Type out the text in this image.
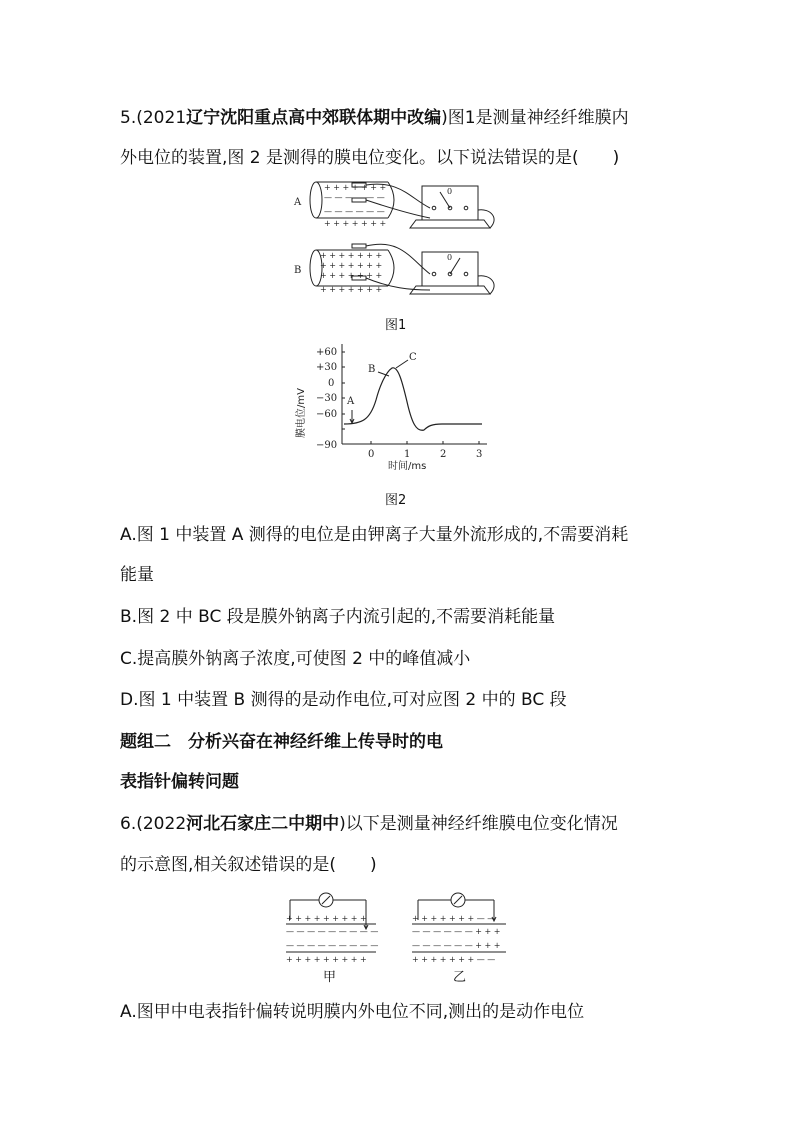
5.(2021辽宁沈阳重点高中郊联体期中改编)图1是测量神经纤维膜内
外电位的装置,图 2 是测得的膜电位变化。以下说法错误的是(　　)
+ + + + + + +
— — — — — —
— — — — — —
+ + + + + + +
+ + + + + + +
+ + + + + + +
+ + + + + + +
+ + + + + + +
A
B
0
0
图1
+60
+30
0
−30
−60
−90
0	1	2	3
A
B
C
时间/ms
膜电位/mV
图2
A.图 1 中装置 A 测得的电位是由钾离子大量外流形成的,不需要消耗
能量
B.图 2 中 BC 段是膜外钠离子内流引起的,不需要消耗能量
C.提高膜外钠离子浓度,可使图 2 中的峰值减小
D.图 1 中装置 B 测得的是动作电位,可对应图 2 中的 BC 段
题组二　分析兴奋在神经纤维上传导时的电
表指针偏转问题
6.(2022河北石家庄二中期中)以下是测量神经纤维膜电位变化情况
的示意图,相关叙述错误的是(　　)
+ + + + + + + + +
— — — — — — — — —
— — — — — — — — —
+ + + + + + + + +
甲
+ + + + + + + — —
— — — — — — + + +
— — — — — — + + +
+ + + + + + + — —
乙
A.图甲中电表指针偏转说明膜内外电位不同,测出的是动作电位
